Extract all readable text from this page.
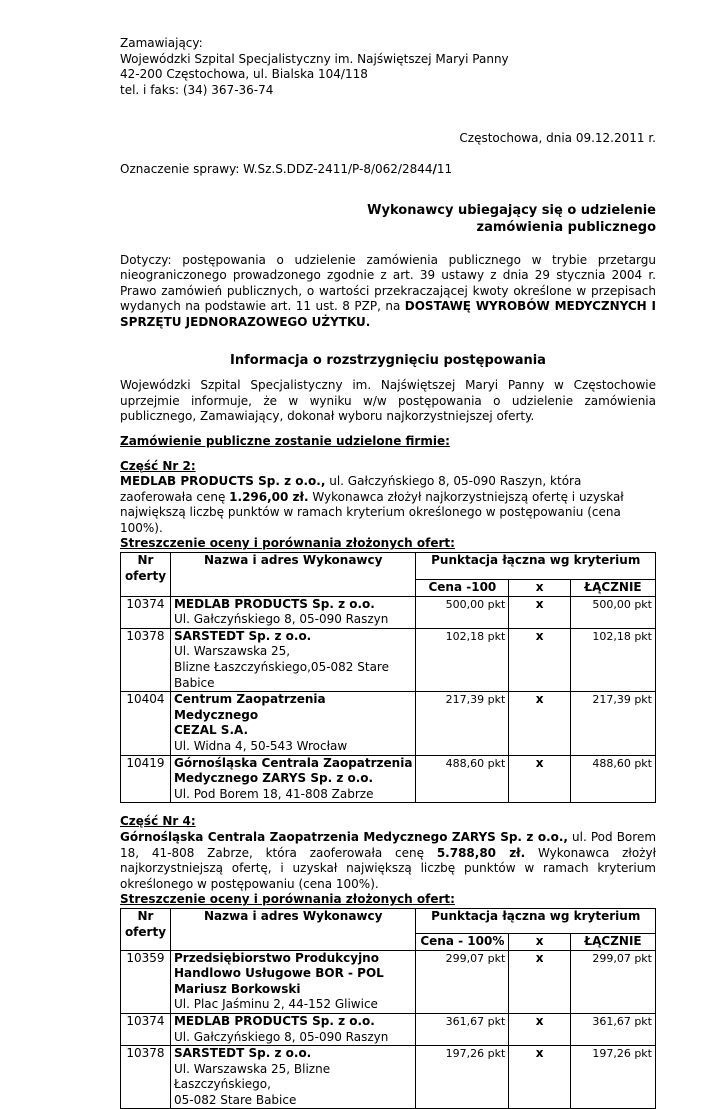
Zamawiający:

Wojewódzki Szpital Specjalistyczny im. Najświętszej Maryi Panny

42-200 Częstochowa, ul. Bialska 104/118

tel. i faks: (34) 367-36-74

Częstochowa, dnia 09.12.2011 r.

Oznaczenie sprawy: W.Sz.S.DDZ-2411/P-8/062/2844/11

Wykonawcy ubiegający się o udzielenie

zamówienia publicznego

Dotyczy: postępowania o udzielenie zamówienia publicznego w trybie przetargu nieograniczonego prowadzonego zgodnie z art. 39 ustawy z dnia 29 stycznia 2004 r. Prawo zamówień publicznych, o wartości przekraczającej kwoty określone w przepisach wydanych na podstawie art. 11 ust. 8 PZP, na DOSTAWĘ WYROBÓW MEDYCZNYCH I SPRZĘTU JEDNORAZOWEGO UŻYTKU.

Informacja o rozstrzygnięciu postępowania

Wojewódzki Szpital Specjalistyczny im. Najświętszej Maryi Panny w Częstochowie uprzejmie informuje, że w wyniku w/w postępowania o udzielenie zamówienia publicznego, Zamawiający, dokonał wyboru najkorzystniejszej oferty.

Zamówienie publiczne zostanie udzielone firmie:

Część Nr 2:

MEDLAB PRODUCTS Sp. z o.o., ul. Gałczyńskiego 8, 05-090 Raszyn, która zaoferowała cenę 1.296,00 zł. Wykonawca złożył najkorzystniejszą ofertę i uzyskał największą liczbę punktów w ramach kryterium określonego w postępowaniu (cena 100%).

Streszczenie oceny i porównania złożonych ofert:

Nr oferty	Nazwa i adres Wykonawcy	Punktacja łączna wg kryterium		
		Cena -100	x	ŁĄCZNIE
10374	MEDLAB PRODUCTS Sp. z o.o.
Ul. Gałczyńskiego 8, 05-090 Raszyn	500,00 pkt	x	500,00 pkt
10378	SARSTEDT Sp. z o.o.
Ul. Warszawska 25,
Blizne Łaszczyńskiego,05-082 Stare Babice	102,18 pkt	x	102,18 pkt
10404	Centrum Zaopatrzenia Medycznego
CEZAL S.A.
Ul. Widna 4, 50-543 Wrocław	217,39 pkt	x	217,39 pkt
10419	Górnośląska Centrala Zaopatrzenia
Medycznego ZARYS Sp. z o.o.
Ul. Pod Borem 18, 41-808 Zabrze	488,60 pkt	x	488,60 pkt

Część Nr 4:

Górnośląska Centrala Zaopatrzenia Medycznego ZARYS Sp. z o.o., ul. Pod Borem 18, 41-808 Zabrze, która zaoferowała cenę 5.788,80 zł. Wykonawca złożył najkorzystniejszą ofertę, i uzyskał największą liczbę punktów w ramach kryterium określonego w postępowaniu (cena 100%).

Streszczenie oceny i porównania złożonych ofert:

Nr oferty	Nazwa i adres Wykonawcy	Punktacja łączna wg kryterium		
		Cena - 100%	x	ŁĄCZNIE
10359	Przedsiębiorstwo Produkcyjno
Handlowo Usługowe BOR - POL
Mariusz Borkowski
Ul. Plac Jaśminu 2, 44-152 Gliwice	299,07 pkt	x	299,07 pkt
10374	MEDLAB PRODUCTS Sp. z o.o.
Ul. Gałczyńskiego 8, 05-090 Raszyn	361,67 pkt	x	361,67 pkt
10378	SARSTEDT Sp. z o.o.
Ul. Warszawska 25, Blizne Łaszczyńskiego,
05-082 Stare Babice	197,26 pkt	x	197,26 pkt
